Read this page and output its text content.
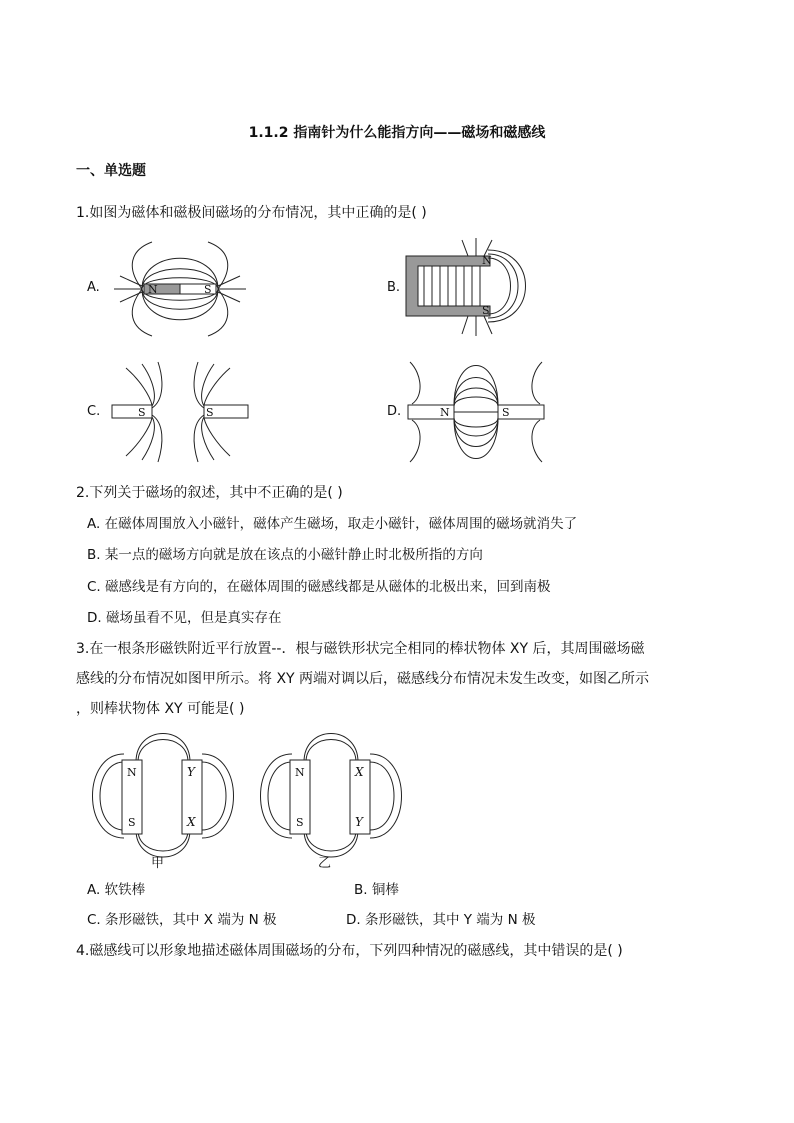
1.1.2 指南针为什么能指方向——磁场和磁感线
一、单选题
1.如图为磁体和磁极间磁场的分布情况，其中正确的是( )
A.	N	S	B.
N
S
C.	S	S	D.	N	S
2.下列关于磁场的叙述，其中不正确的是( )
A. 在磁体周围放入小磁针，磁体产生磁场，取走小磁针，磁体周围的磁场就消失了
B. 某一点的磁场方向就是放在该点的小磁针静止时北极所指的方向
C. 磁感线是有方向的，在磁体周围的磁感线都是从磁体的北极出来，回到南极
D. 磁场虽看不见，但是真实存在
3.在一根条形磁铁附近平行放置--．根与磁铁形状完全相同的棒状物体 XY 后，其周围磁场磁
感线的分布情况如图甲所示。将 XY 两端对调以后，磁感线分布情况未发生改变，如图乙所示
，则棒状物体 XY 可能是( )
N
S
Y
X
甲
N
S
X
Y
乙
A. 软铁棒	B. 铜棒
C. 条形磁铁，其中 X 端为 N 极	D. 条形磁铁，其中 Y 端为 N 极
4.磁感线可以形象地描述磁体周围磁场的分布，下列四种情况的磁感线，其中错误的是( )
